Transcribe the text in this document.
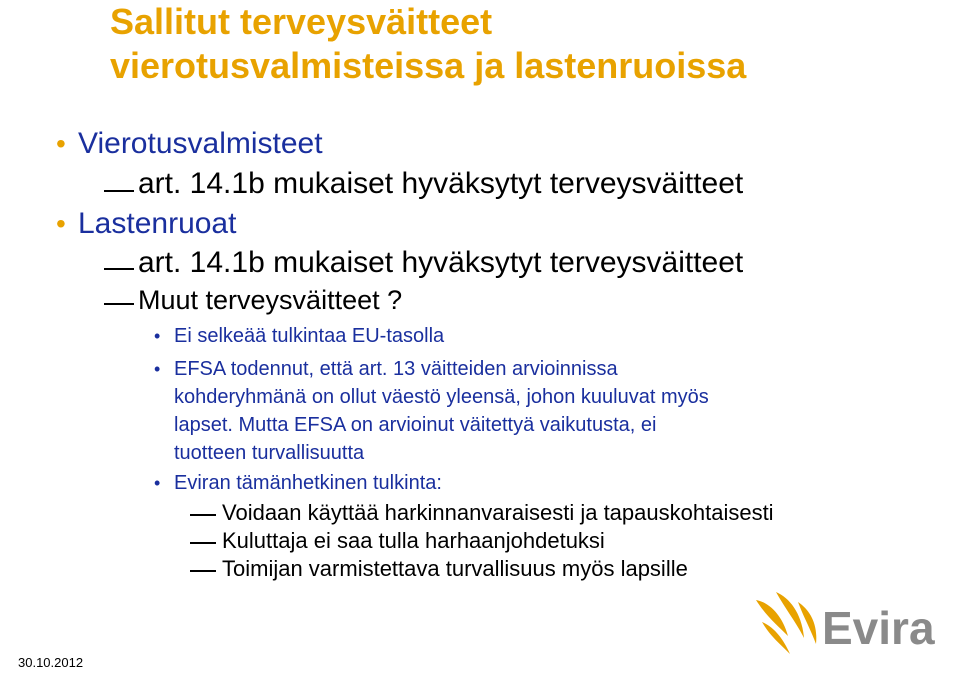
Sallitut terveysväitteet
vierotusvalmisteissa ja lastenruoissa
• Vierotusvalmisteet
art. 14.1b mukaiset hyväksytyt terveysväitteet
• Lastenruoat
art. 14.1b mukaiset hyväksytyt terveysväitteet
Muut terveysväitteet ?
• Ei selkeää tulkintaa EU-tasolla
• EFSA todennut, että art. 13 väitteiden arvioinnissa
kohderyhmänä on ollut väestö yleensä, johon kuuluvat myös
lapset. Mutta EFSA on arvioinut väitettyä vaikutusta, ei
tuotteen turvallisuutta
• Eviran tämänhetkinen tulkinta:
Voidaan käyttää harkinnanvaraisesti ja tapauskohtaisesti
Kuluttaja ei saa tulla harhaanjohdetuksi
Toimijan varmistettava turvallisuus myös lapsille
30.10.2012
Evira
